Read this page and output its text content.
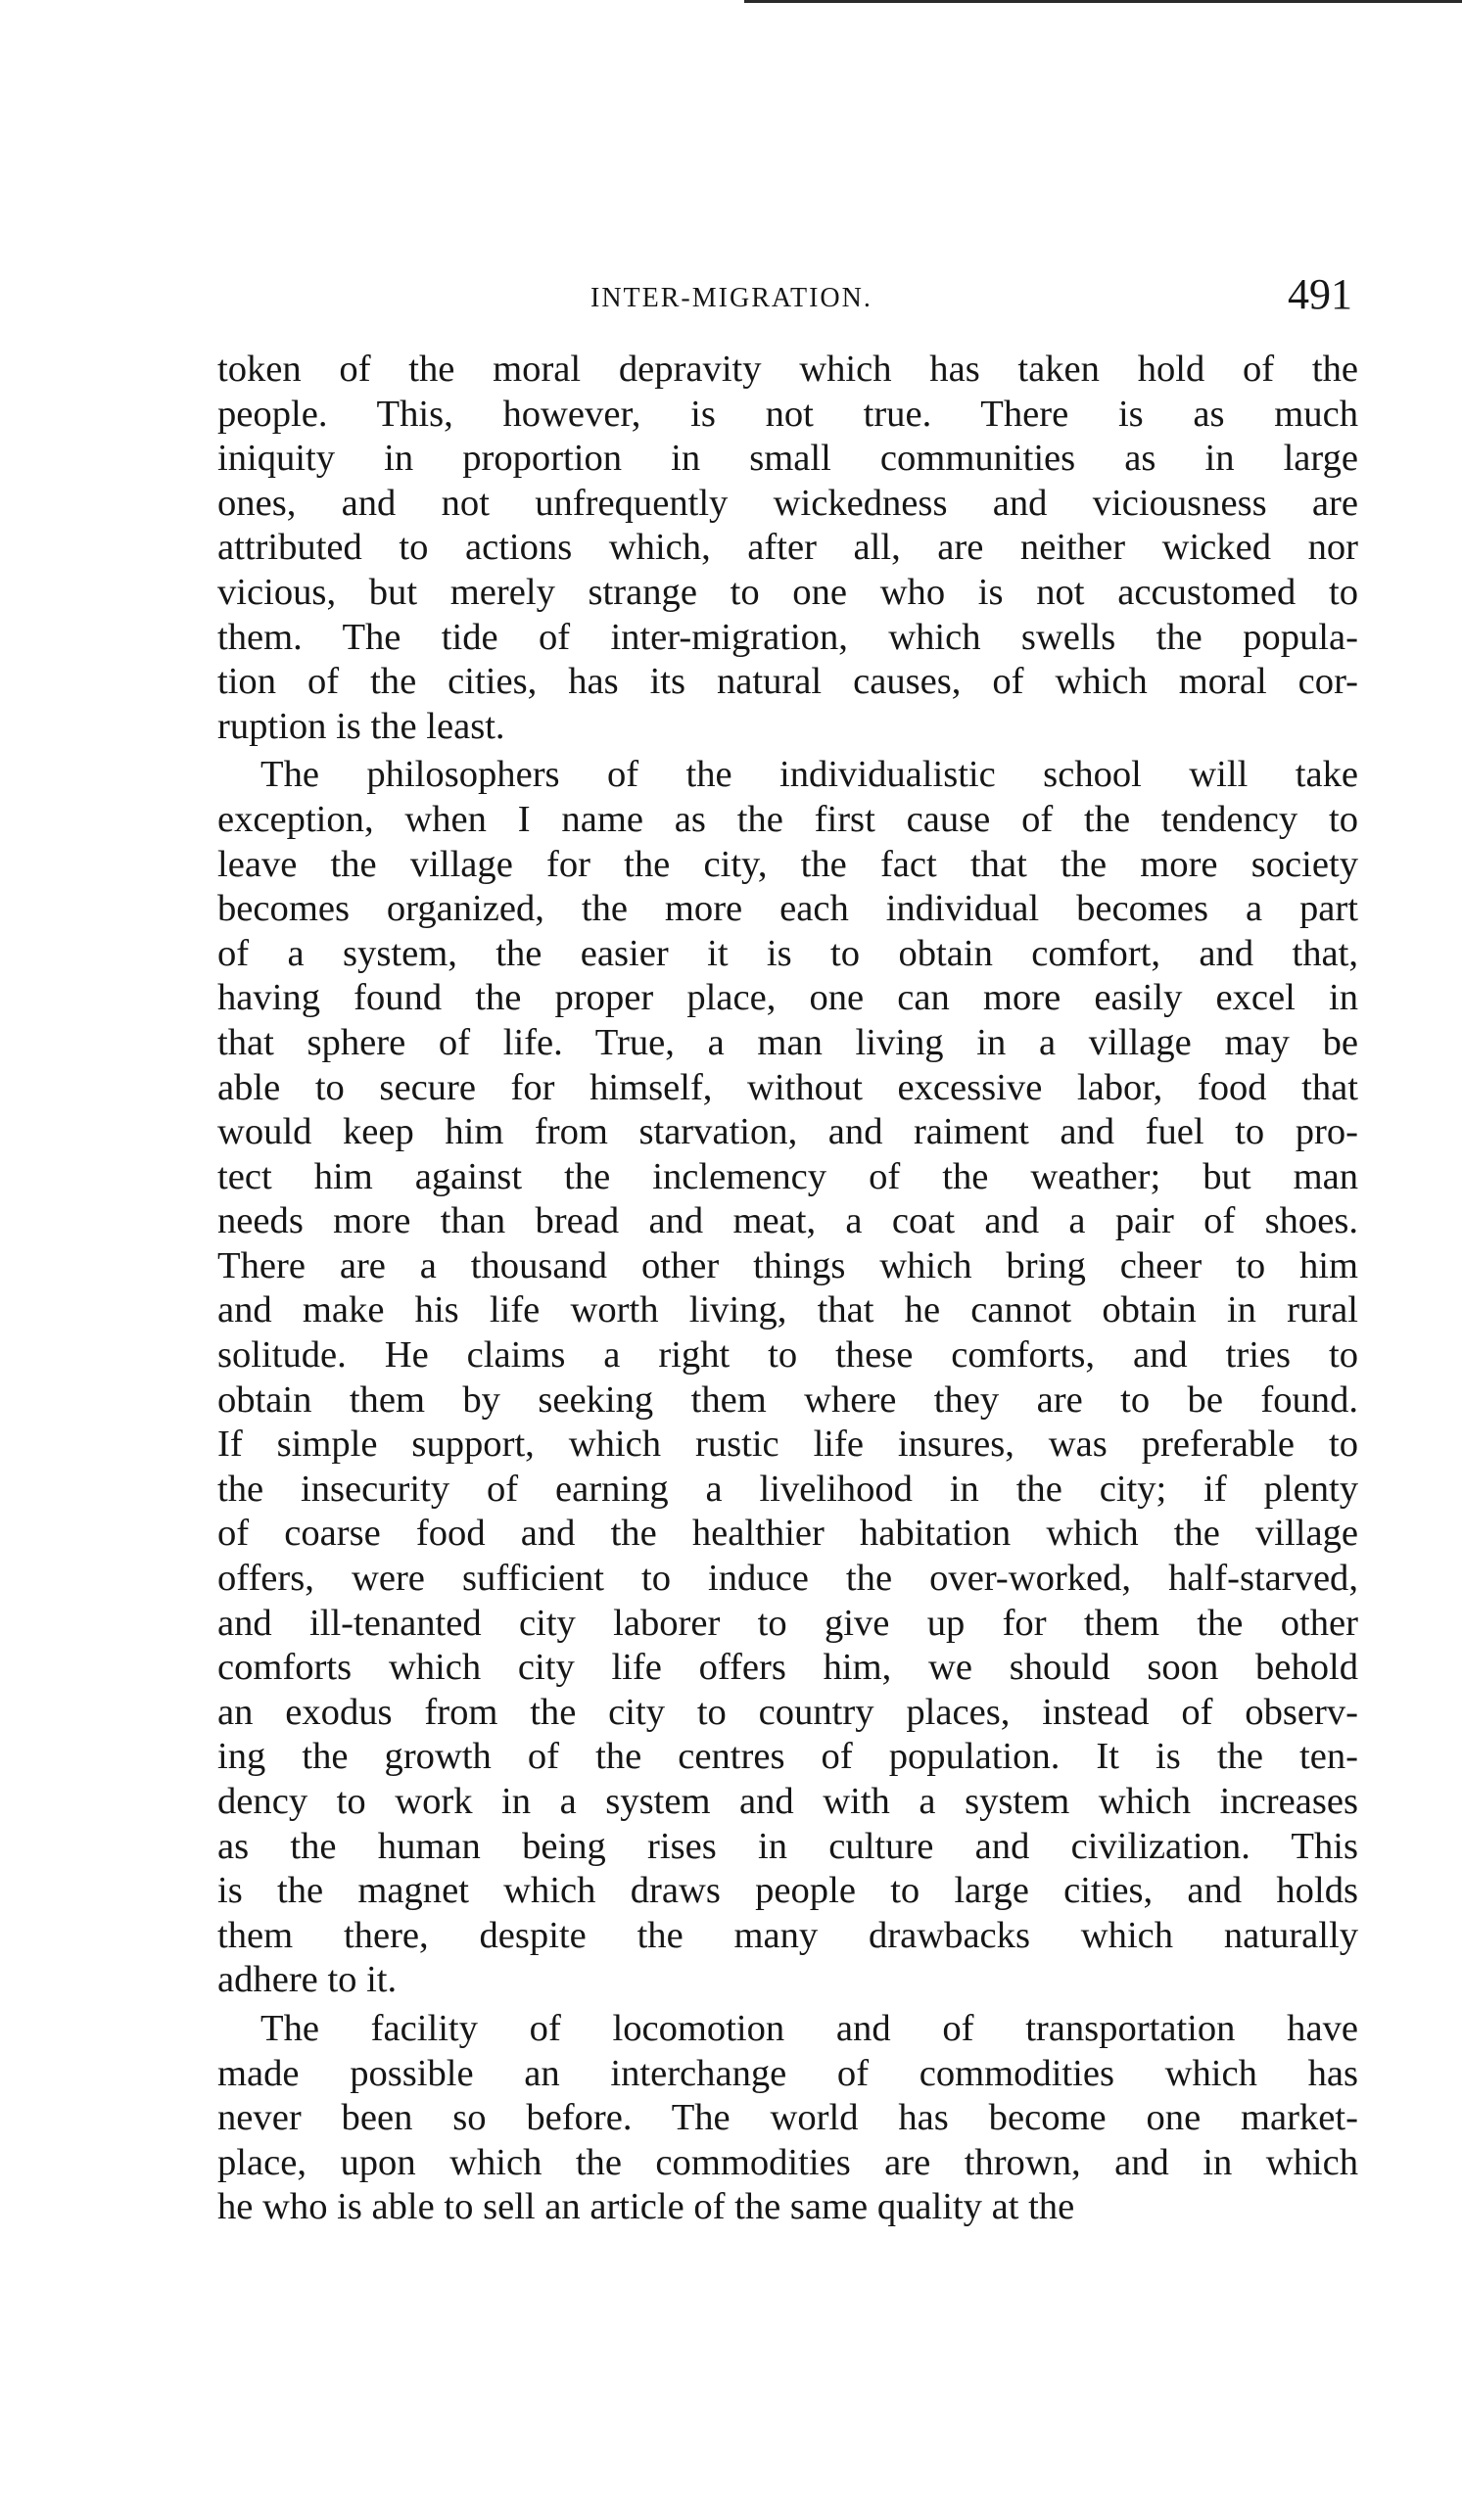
INTER-MIGRATION.	491
token of the moral depravity which has taken hold of the
people. This, however, is not true. There is as much
iniquity in proportion in small communities as in large
ones, and not unfrequently wickedness and viciousness are
attributed to actions which, after all, are neither wicked nor
vicious, but merely strange to one who is not accustomed to
them. The tide of inter-migration, which swells the popula-
tion of the cities, has its natural causes, of which moral cor-
ruption is the least.
The philosophers of the individualistic school will take
exception, when I name as the first cause of the tendency to
leave the village for the city, the fact that the more society
becomes organized, the more each individual becomes a part
of a system, the easier it is to obtain comfort, and that,
having found the proper place, one can more easily excel in
that sphere of life. True, a man living in a village may be
able to secure for himself, without excessive labor, food that
would keep him from starvation, and raiment and fuel to pro-
tect him against the inclemency of the weather; but man
needs more than bread and meat, a coat and a pair of shoes.
There are a thousand other things which bring cheer to him
and make his life worth living, that he cannot obtain in rural
solitude. He claims a right to these comforts, and tries to
obtain them by seeking them where they are to be found.
If simple support, which rustic life insures, was preferable to
the insecurity of earning a livelihood in the city; if plenty
of coarse food and the healthier habitation which the village
offers, were sufficient to induce the over-worked, half-starved,
and ill-tenanted city laborer to give up for them the other
comforts which city life offers him, we should soon behold
an exodus from the city to country places, instead of observ-
ing the growth of the centres of population. It is the ten-
dency to work in a system and with a system which increases
as the human being rises in culture and civilization. This
is the magnet which draws people to large cities, and holds
them there, despite the many drawbacks which naturally
adhere to it.
The facility of locomotion and of transportation have
made possible an interchange of commodities which has
never been so before. The world has become one market-
place, upon which the commodities are thrown, and in which
he who is able to sell an article of the same quality at the
